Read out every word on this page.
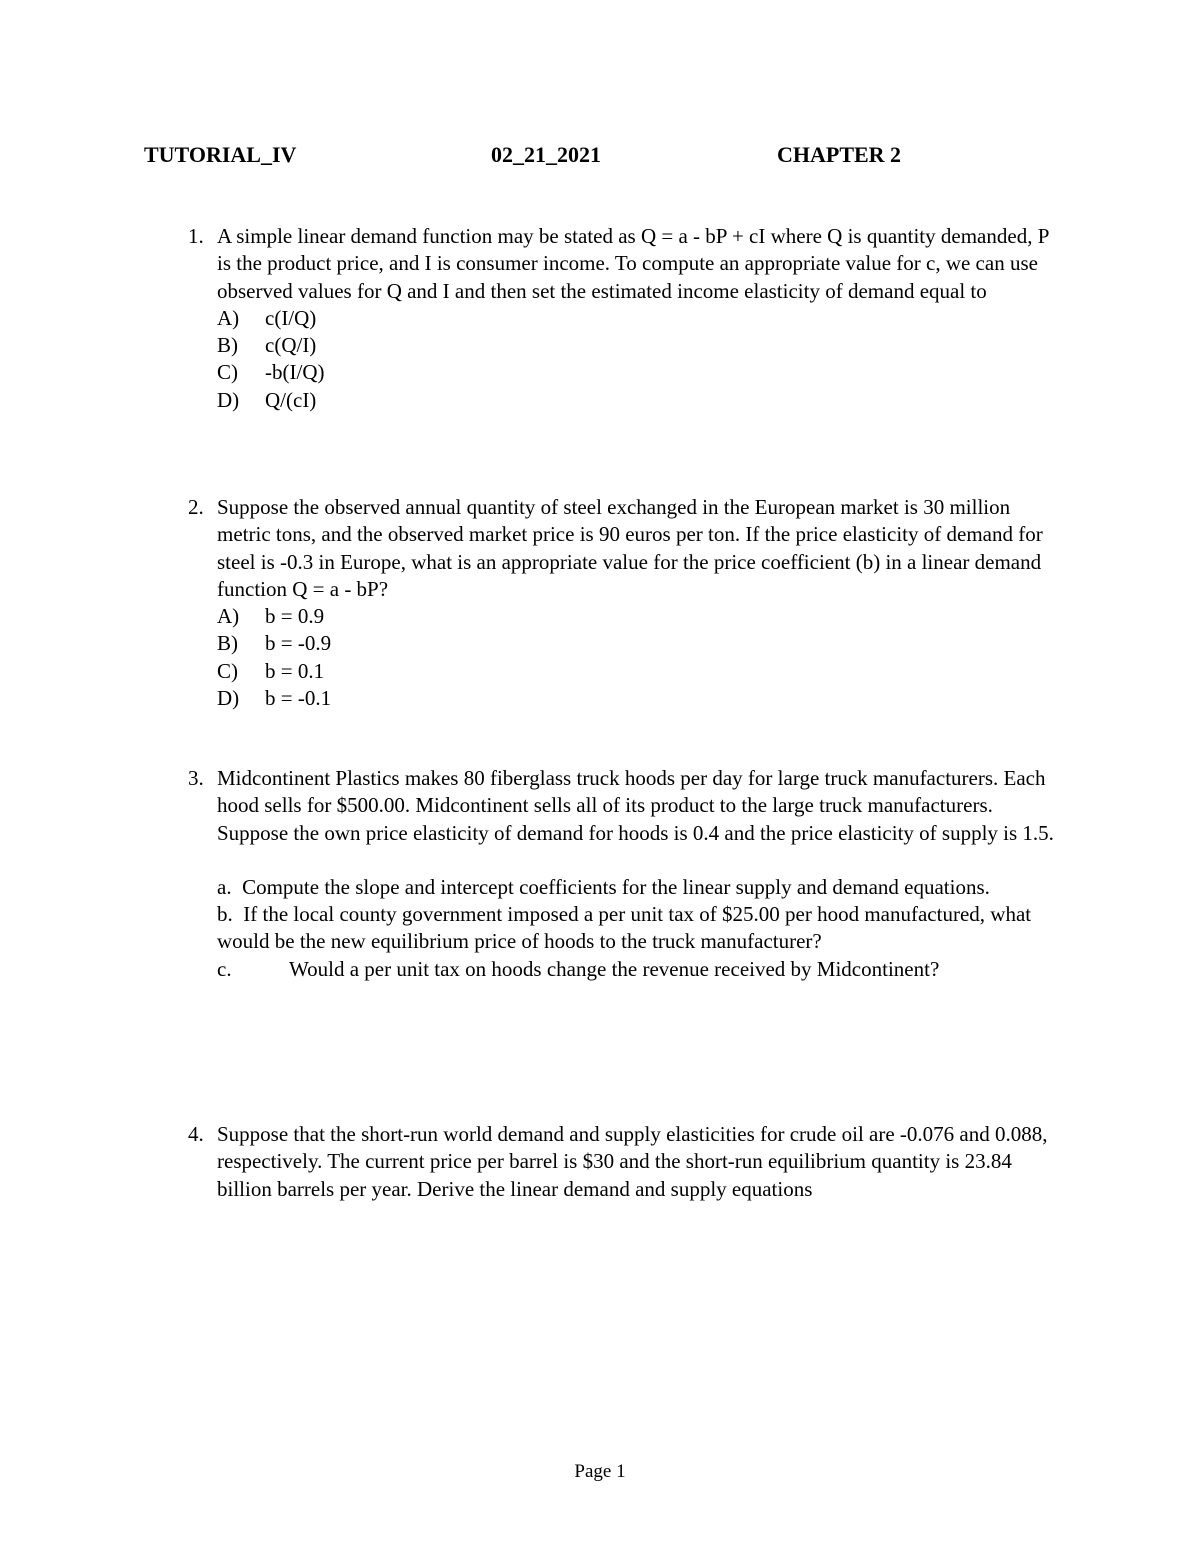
TUTORIAL_IV	02_21_2021	CHAPTER 2
1. A simple linear demand function may be stated as Q = a - bP + cI where Q is quantity demanded, P is the product price, and I is consumer income. To compute an appropriate value for c, we can use observed values for Q and I and then set the estimated income elasticity of demand equal to

A)	c(I/Q)
B)	c(Q/I)
C)	-b(I/Q)
D)	Q/(cI)
2. Suppose the observed annual quantity of steel exchanged in the European market is 30 million metric tons, and the observed market price is 90 euros per ton. If the price elasticity of demand for steel is -0.3 in Europe, what is an appropriate value for the price coefficient (b) in a linear demand function Q = a - bP?

A)	b = 0.9
B)	b = -0.9
C)	b = 0.1
D)	b = -0.1
3. Midcontinent Plastics makes 80 fiberglass truck hoods per day for large truck manufacturers. Each hood sells for $500.00. Midcontinent sells all of its product to the large truck manufacturers. Suppose the own price elasticity of demand for hoods is 0.4 and the price elasticity of supply is 1.5.

a. Compute the slope and intercept coefficients for the linear supply and demand equations.

b. If the local county government imposed a per unit tax of $25.00 per hood manufactured, what would be the new equilibrium price of hoods to the truck manufacturer?

c.	Would a per unit tax on hoods change the revenue received by Midcontinent?

4. Suppose that the short-run world demand and supply elasticities for crude oil are -0.076 and 0.088, respectively. The current price per barrel is $30 and the short-run equilibrium quantity is 23.84 billion barrels per year. Derive the linear demand and supply equations

Page 1
